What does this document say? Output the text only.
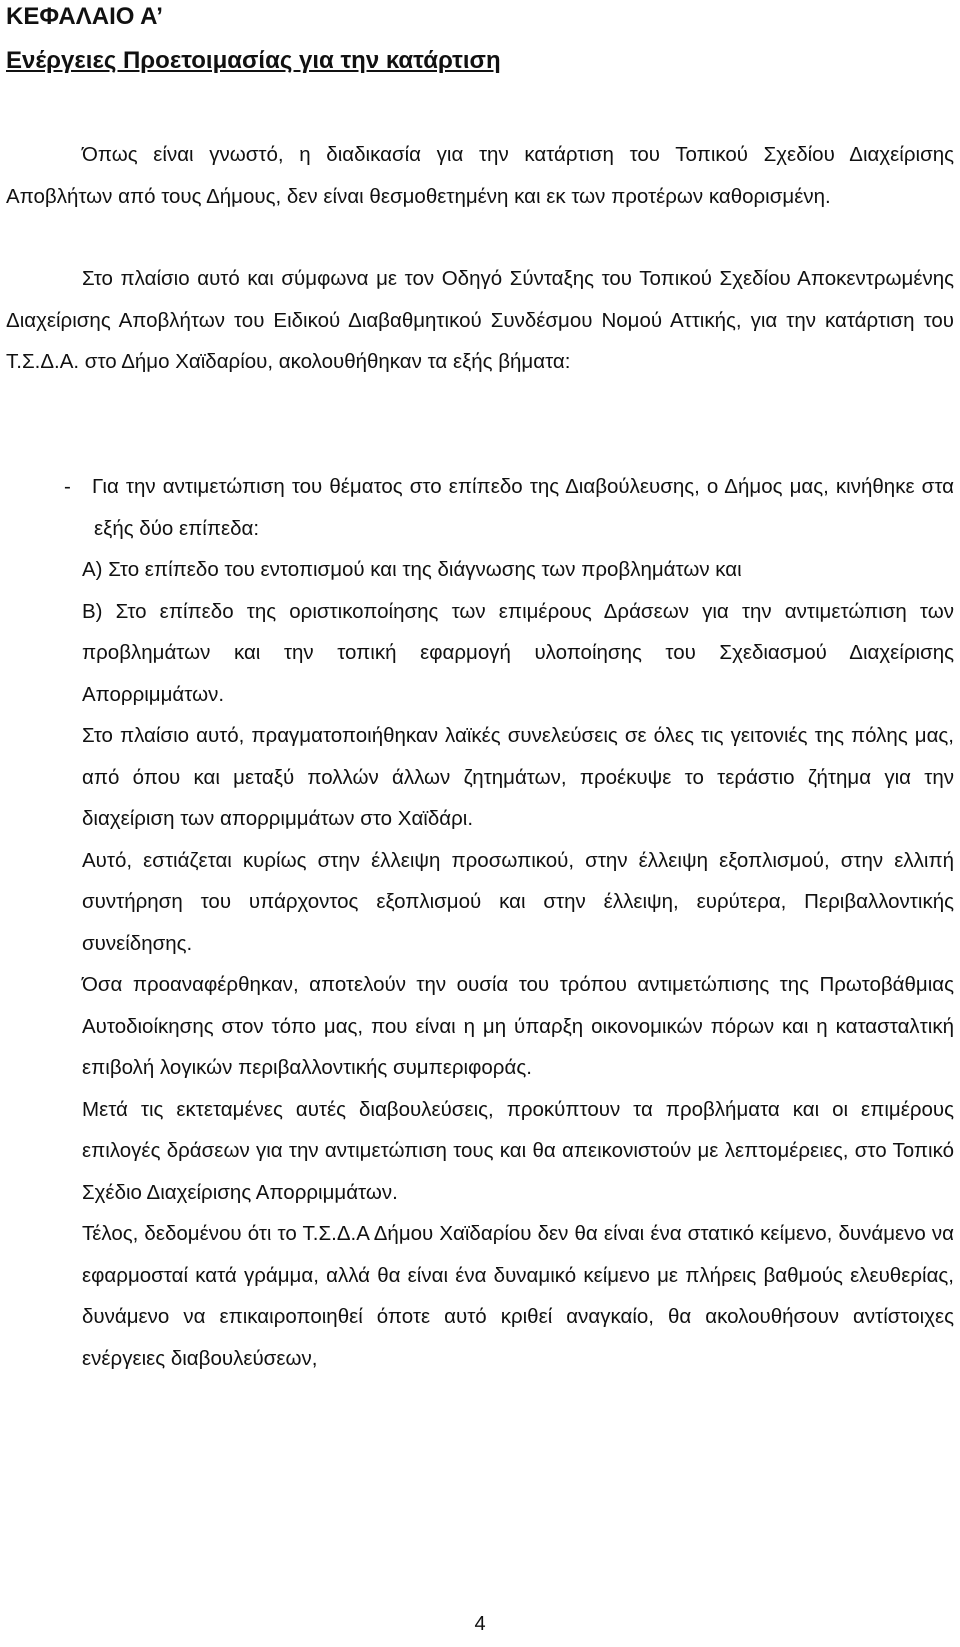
ΚΕΦΑΛΑΙΟ Α’
Ενέργειες Προετοιμασίας για την κατάρτιση

Όπως είναι γνωστό, η διαδικασία για την κατάρτιση του Τοπικού Σχεδίου Διαχείρισης Αποβλήτων από τους Δήμους, δεν είναι θεσμοθετημένη και εκ των προτέρων καθορισμένη.

Στο πλαίσιο αυτό και σύμφωνα με τον Οδηγό Σύνταξης του Τοπικού Σχεδίου Αποκεντρωμένης Διαχείρισης Αποβλήτων του Ειδικού Διαβαθμητικού Συνδέσμου Νομού Αττικής, για την κατάρτιση του Τ.Σ.Δ.Α. στο Δήμο Χαϊδαρίου, ακολουθήθηκαν τα εξής βήματα:

-	Για την αντιμετώπιση του θέματος στο επίπεδο της Διαβούλευσης, ο Δήμος μας, κινήθηκε στα εξής δύο επίπεδα:

Α) Στο επίπεδο του εντοπισμού και της διάγνωσης των προβλημάτων και

Β) Στο επίπεδο της οριστικοποίησης των επιμέρους Δράσεων για την αντιμετώπιση των προβλημάτων και την τοπική εφαρμογή υλοποίησης του Σχεδιασμού Διαχείρισης Απορριμμάτων.

Στο πλαίσιο αυτό, πραγματοποιήθηκαν λαϊκές συνελεύσεις σε όλες τις γειτονιές της πόλης μας, από όπου και μεταξύ πολλών άλλων ζητημάτων, προέκυψε το τεράστιο ζήτημα για την διαχείριση των απορριμμάτων στο Χαϊδάρι.

Αυτό, εστιάζεται κυρίως στην έλλειψη προσωπικού, στην έλλειψη εξοπλισμού, στην ελλιπή συντήρηση του υπάρχοντος εξοπλισμού και στην έλλειψη, ευρύτερα, Περιβαλλοντικής συνείδησης.

Όσα προαναφέρθηκαν, αποτελούν την ουσία του τρόπου αντιμετώπισης της Πρωτοβάθμιας Αυτοδιοίκησης στον τόπο μας, που είναι η μη ύπαρξη οικονομικών πόρων και η κατασταλτική επιβολή λογικών περιβαλλοντικής συμπεριφοράς.

Μετά τις εκτεταμένες αυτές διαβουλεύσεις, προκύπτουν τα προβλήματα και οι επιμέρους επιλογές δράσεων για την αντιμετώπιση τους και θα απεικονιστούν με λεπτομέρειες, στο Τοπικό Σχέδιο Διαχείρισης Απορριμμάτων.

Τέλος, δεδομένου ότι το Τ.Σ.Δ.Α Δήμου Χαϊδαρίου δεν θα είναι ένα στατικό κείμενο, δυνάμενο να εφαρμοσταί κατά γράμμα, αλλά θα είναι ένα δυναμικό κείμενο με πλήρεις βαθμούς ελευθερίας, δυνάμενο να επικαιροποιηθεί όποτε αυτό κριθεί αναγκαίο, θα ακολουθήσουν αντίστοιχες ενέργειες διαβουλεύσεων,

4
